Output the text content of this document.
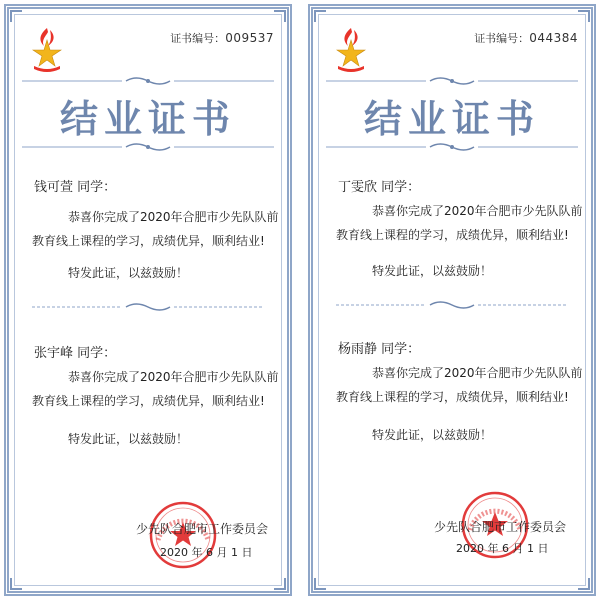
证书编号：009537
结业证书
钱可萱 同学：
恭喜你完成了2020年合肥市少先队队前
教育线上课程的学习，成绩优异，顺利结业!
特发此证，以兹鼓励！
张宇峰 同学：
恭喜你完成了2020年合肥市少先队队前
教育线上课程的学习，成绩优异，顺利结业!
特发此证，以兹鼓励！
少先队合肥市工作委员会
2020 年 6 月 1 日
证书编号：044384
结业证书
丁雯欣 同学：
恭喜你完成了2020年合肥市少先队队前
教育线上课程的学习，成绩优异，顺利结业!
特发此证，以兹鼓励！
杨雨静 同学：
恭喜你完成了2020年合肥市少先队队前
教育线上课程的学习，成绩优异，顺利结业!
特发此证，以兹鼓励！
少先队合肥市工作委员会
2020 年 6 月 1 日
